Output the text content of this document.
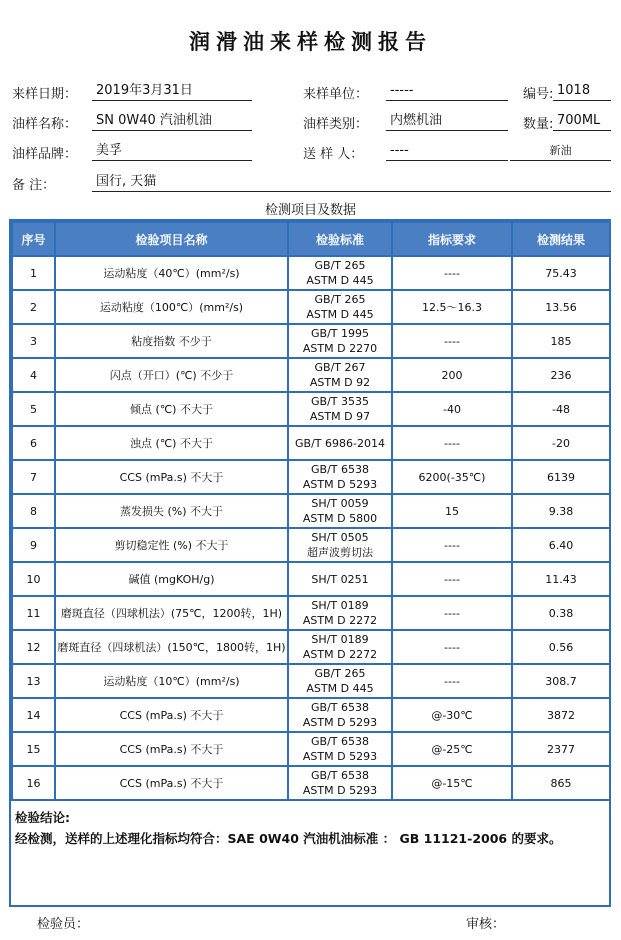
润滑油来样检测报告
来样日期：	2019年3月31日	来样单位：	-----	编号: 1018
油样名称：	SN 0W40 汽油机油	油样类别：	内燃机油	数量: 700ML
油样品牌：	美孚	送 样 人：	----	新油
备 注：	国行, 天猫
检测项目及数据
序号	检验项目名称	检验标准	指标要求	检测结果
1	运动粘度（40℃）(mm²/s)	GB/T 265
ASTM D 445	----	75.43
2	运动粘度（100℃）(mm²/s)	GB/T 265
ASTM D 445	12.5～16.3	13.56
3	粘度指数 不少于	GB/T 1995
ASTM D 2270	----	185
4	闪点（开口）(℃) 不少于	GB/T 267
ASTM D 92	200	236
5	倾点 (℃) 不大于	GB/T 3535
ASTM D 97	-40	-48
6	浊点 (℃) 不大于	GB/T 6986-2014	----	-20
7	CCS (mPa.s) 不大于	GB/T 6538
ASTM D 5293	6200(-35℃)	6139
8	蒸发损失 (%) 不大于	SH/T 0059
ASTM D 5800	15	9.38
9	剪切稳定性 (%) 不大于	SH/T 0505
超声波剪切法	----	6.40
10	碱值 (mgKOH/g)	SH/T 0251	----	11.43
11	磨斑直径（四球机法）(75℃，1200转，1H)	SH/T 0189
ASTM D 2272	----	0.38
12	磨斑直径（四球机法）(150℃，1800转，1H)	SH/T 0189
ASTM D 2272	----	0.56
13	运动粘度（10℃）(mm²/s)	GB/T 265
ASTM D 445	----	308.7
14	CCS (mPa.s) 不大于	GB/T 6538
ASTM D 5293	@-30℃	3872
15	CCS (mPa.s) 不大于	GB/T 6538
ASTM D 5293	@-25℃	2377
16	CCS (mPa.s) 不大于	GB/T 6538
ASTM D 5293	@-15℃	865
检验结论:
经检测，送样的上述理化指标均符合：SAE 0W40 汽油机油标准 ： GB 11121-2006 的要求。
检验员：	审核：
